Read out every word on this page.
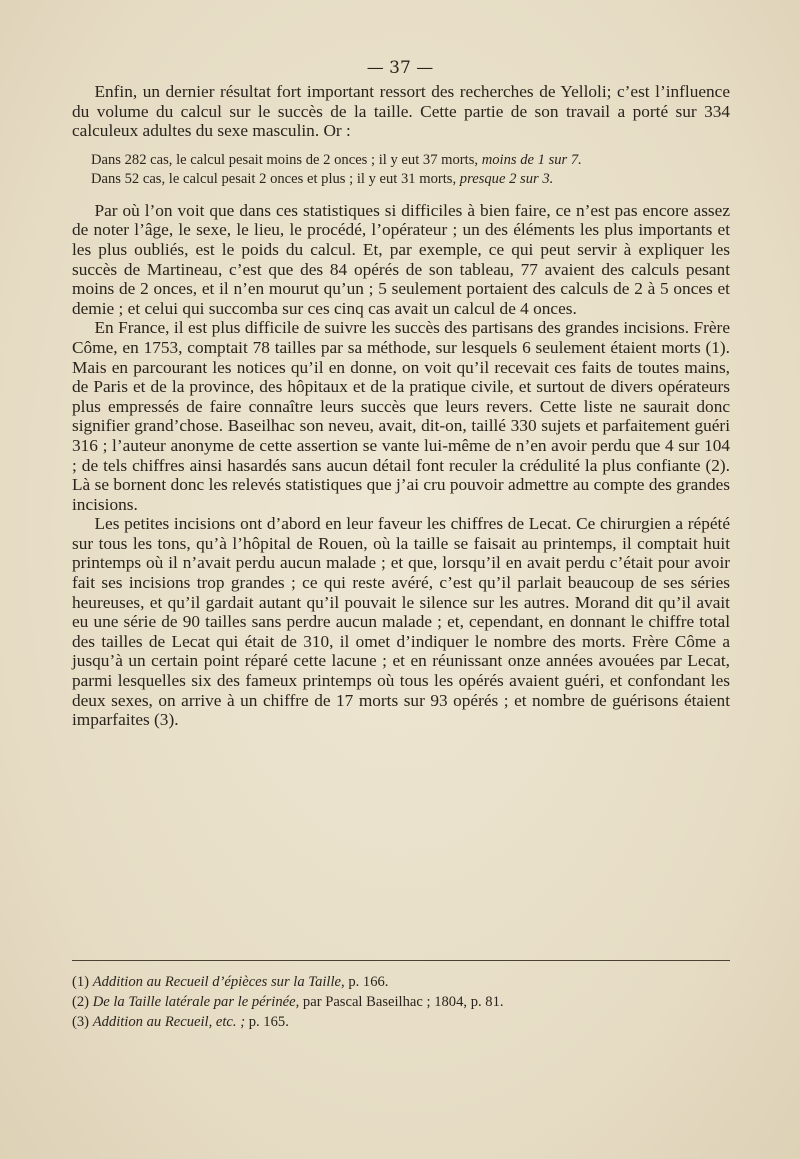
— 37 —

Enfin, un dernier résultat fort important ressort des recherches de Yelloli; c’est l’influence du volume du calcul sur le succès de la taille. Cette partie de son travail a porté sur 334 calculeux adultes du sexe masculin. Or :

Dans 282 cas, le calcul pesait moins de 2 onces ; il y eut 37 morts, moins de 1 sur 7.
Dans 52 cas, le calcul pesait 2 onces et plus ; il y eut 31 morts, presque 2 sur 3.

Par où l’on voit que dans ces statistiques si difficiles à bien faire, ce n’est pas encore assez de noter l’âge, le sexe, le lieu, le procédé, l’opérateur ; un des éléments les plus importants et les plus oubliés, est le poids du calcul. Et, par exemple, ce qui peut servir à expliquer les succès de Martineau, c’est que des 84 opérés de son tableau, 77 avaient des calculs pesant moins de 2 onces, et il n’en mourut qu’un ; 5 seulement portaient des calculs de 2 à 5 onces et demie ; et celui qui succomba sur ces cinq cas avait un calcul de 4 onces.

En France, il est plus difficile de suivre les succès des partisans des grandes incisions. Frère Côme, en 1753, comptait 78 tailles par sa méthode, sur lesquels 6 seulement étaient morts (1). Mais en parcourant les notices qu’il en donne, on voit qu’il recevait ces faits de toutes mains, de Paris et de la province, des hôpitaux et de la pratique civile, et surtout de divers opérateurs plus empressés de faire connaître leurs succès que leurs revers. Cette liste ne saurait donc signifier grand’chose. Baseilhac son neveu, avait, dit-on, taillé 330 sujets et parfaitement guéri 316 ; l’auteur anonyme de cette assertion se vante lui-même de n’en avoir perdu que 4 sur 104 ; de tels chiffres ainsi hasardés sans aucun détail font reculer la crédulité la plus confiante (2). Là se bornent donc les relevés statistiques que j’ai cru pouvoir admettre au compte des grandes incisions.

Les petites incisions ont d’abord en leur faveur les chiffres de Lecat. Ce chirurgien a répété sur tous les tons, qu’à l’hôpital de Rouen, où la taille se faisait au printemps, il comptait huit printemps où il n’avait perdu aucun malade ; et que, lorsqu’il en avait perdu c’était pour avoir fait ses incisions trop grandes ; ce qui reste avéré, c’est qu’il parlait beaucoup de ses séries heureuses, et qu’il gardait autant qu’il pouvait le silence sur les autres. Morand dit qu’il avait eu une série de 90 tailles sans perdre aucun malade ; et, cependant, en donnant le chiffre total des tailles de Lecat qui était de 310, il omet d’indiquer le nombre des morts. Frère Côme a jusqu’à un certain point réparé cette lacune ; et en réunissant onze années avouées par Lecat, parmi lesquelles six des fameux printemps où tous les opérés avaient guéri, et confondant les deux sexes, on arrive à un chiffre de 17 morts sur 93 opérés ; et nombre de guérisons étaient imparfaites (3).

(1) Addition au Recueil d’épièces sur la Taille, p. 166.
(2) De la Taille latérale par le périnée, par Pascal Baseilhac ; 1804, p. 81.
(3) Addition au Recueil, etc. ; p. 165.
